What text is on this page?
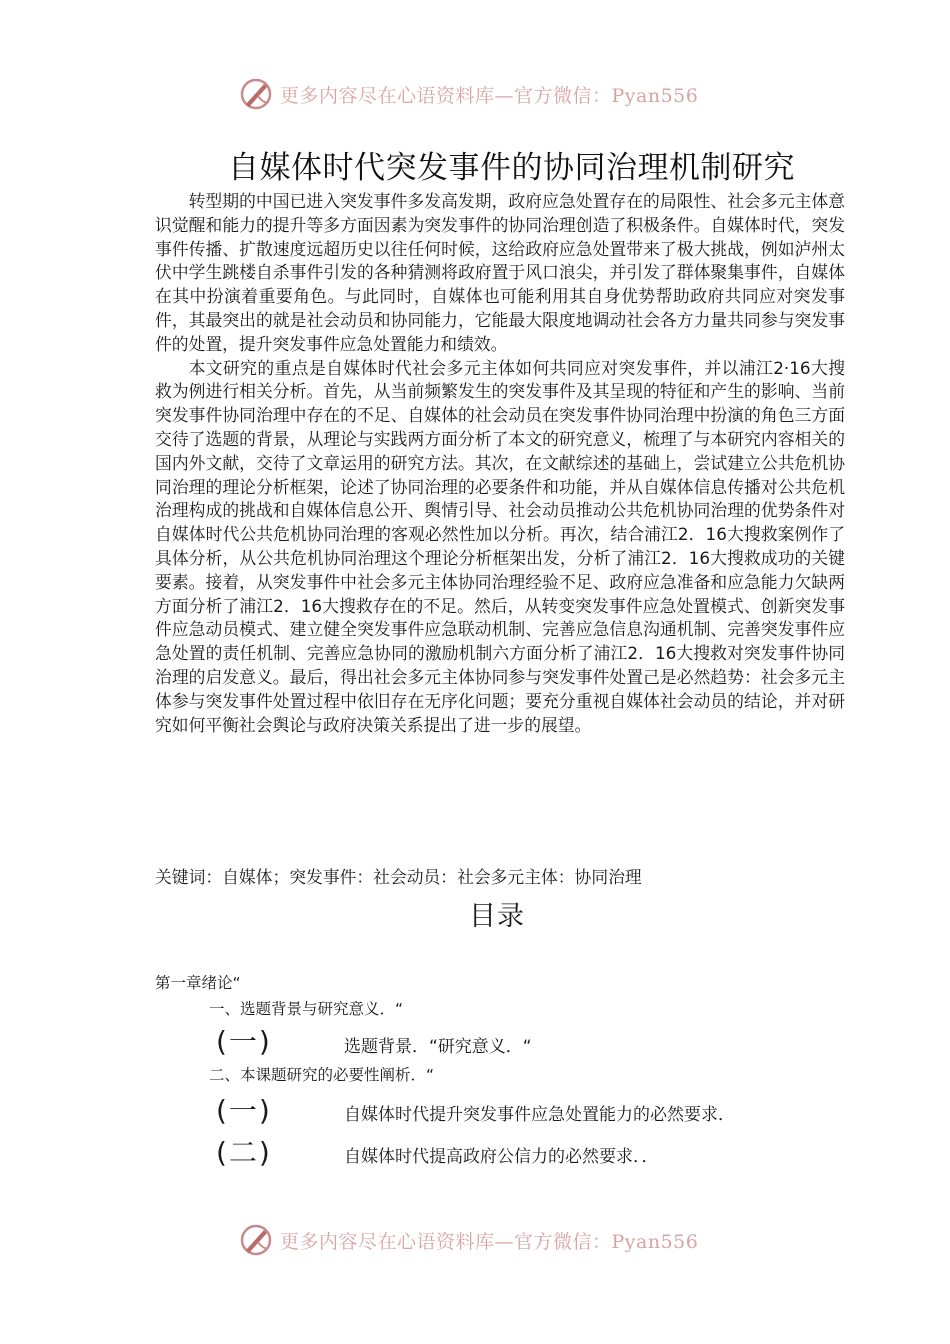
更多内容尽在心语资料库—官方微信：Pyan556
自媒体时代突发事件的协同治理机制研究

转型期的中国已进入突发事件多发高发期，政府应急处置存在的局限性、社会多元主体意识觉醒和能力的提升等多方面因素为突发事件的协同治理创造了积极条件。自媒体时代，突发事件传播、扩散速度远超历史以往任何时候，这给政府应急处置带来了极大挑战，例如泸州太伏中学生跳楼自杀事件引发的各种猜测将政府置于风口浪尖，并引发了群体聚集事件，自媒体在其中扮演着重要角色。与此同时，自媒体也可能利用其自身优势帮助政府共同应对突发事件，其最突出的就是社会动员和协同能力，它能最大限度地调动社会各方力量共同参与突发事件的处置，提升突发事件应急处置能力和绩效。

本文研究的重点是自媒体时代社会多元主体如何共同应对突发事件，并以浦江2·16大搜救为例进行相关分析。首先，从当前频繁发生的突发事件及其呈现的特征和产生的影响、当前突发事件协同治理中存在的不足、自媒体的社会动员在突发事件协同治理中扮演的角色三方面交待了选题的背景，从理论与实践两方面分析了本文的研究意义，梳理了与本研究内容相关的国内外文献，交待了文章运用的研究方法。其次，在文献综述的基础上，尝试建立公共危机协同治理的理论分析框架，论述了协同治理的必要条件和功能，并从自媒体信息传播对公共危机治理构成的挑战和自媒体信息公开、舆情引导、社会动员推动公共危机协同治理的优势条件对自媒体时代公共危机协同治理的客观必然性加以分析。再次，结合浦江2．16大搜救案例作了具体分析，从公共危机协同治理这个理论分析框架出发，分析了浦江2．16大搜救成功的关键要素。接着，从突发事件中社会多元主体协同治理经验不足、政府应急准备和应急能力欠缺两方面分析了浦江2．16大搜救存在的不足。然后，从转变突发事件应急处置模式、创新突发事件应急动员模式、建立健全突发事件应急联动机制、完善应急信息沟通机制、完善突发事件应急处置的责任机制、完善应急协同的激励机制六方面分析了浦江2．16大搜救对突发事件协同治理的启发意义。最后，得出社会多元主体协同参与突发事件处置己是必然趋势：社会多元主体参与突发事件处置过程中依旧存在无序化问题；要充分重视自媒体社会动员的结论，并对研究如何平衡社会舆论与政府决策关系提出了进一步的展望。

关键词：自媒体；突发事件：社会动员：社会多元主体：协同治理
目录
第一章绪论“
一、选题背景与研究意义．“
(一)	选题背景．“研究意义．“
二、本课题研究的必要性阐析．“
(一)	自媒体时代提升突发事件应急处置能力的必然要求．
(二)	自媒体时代提高政府公信力的必然要求．．
更多内容尽在心语资料库—官方微信：Pyan556
